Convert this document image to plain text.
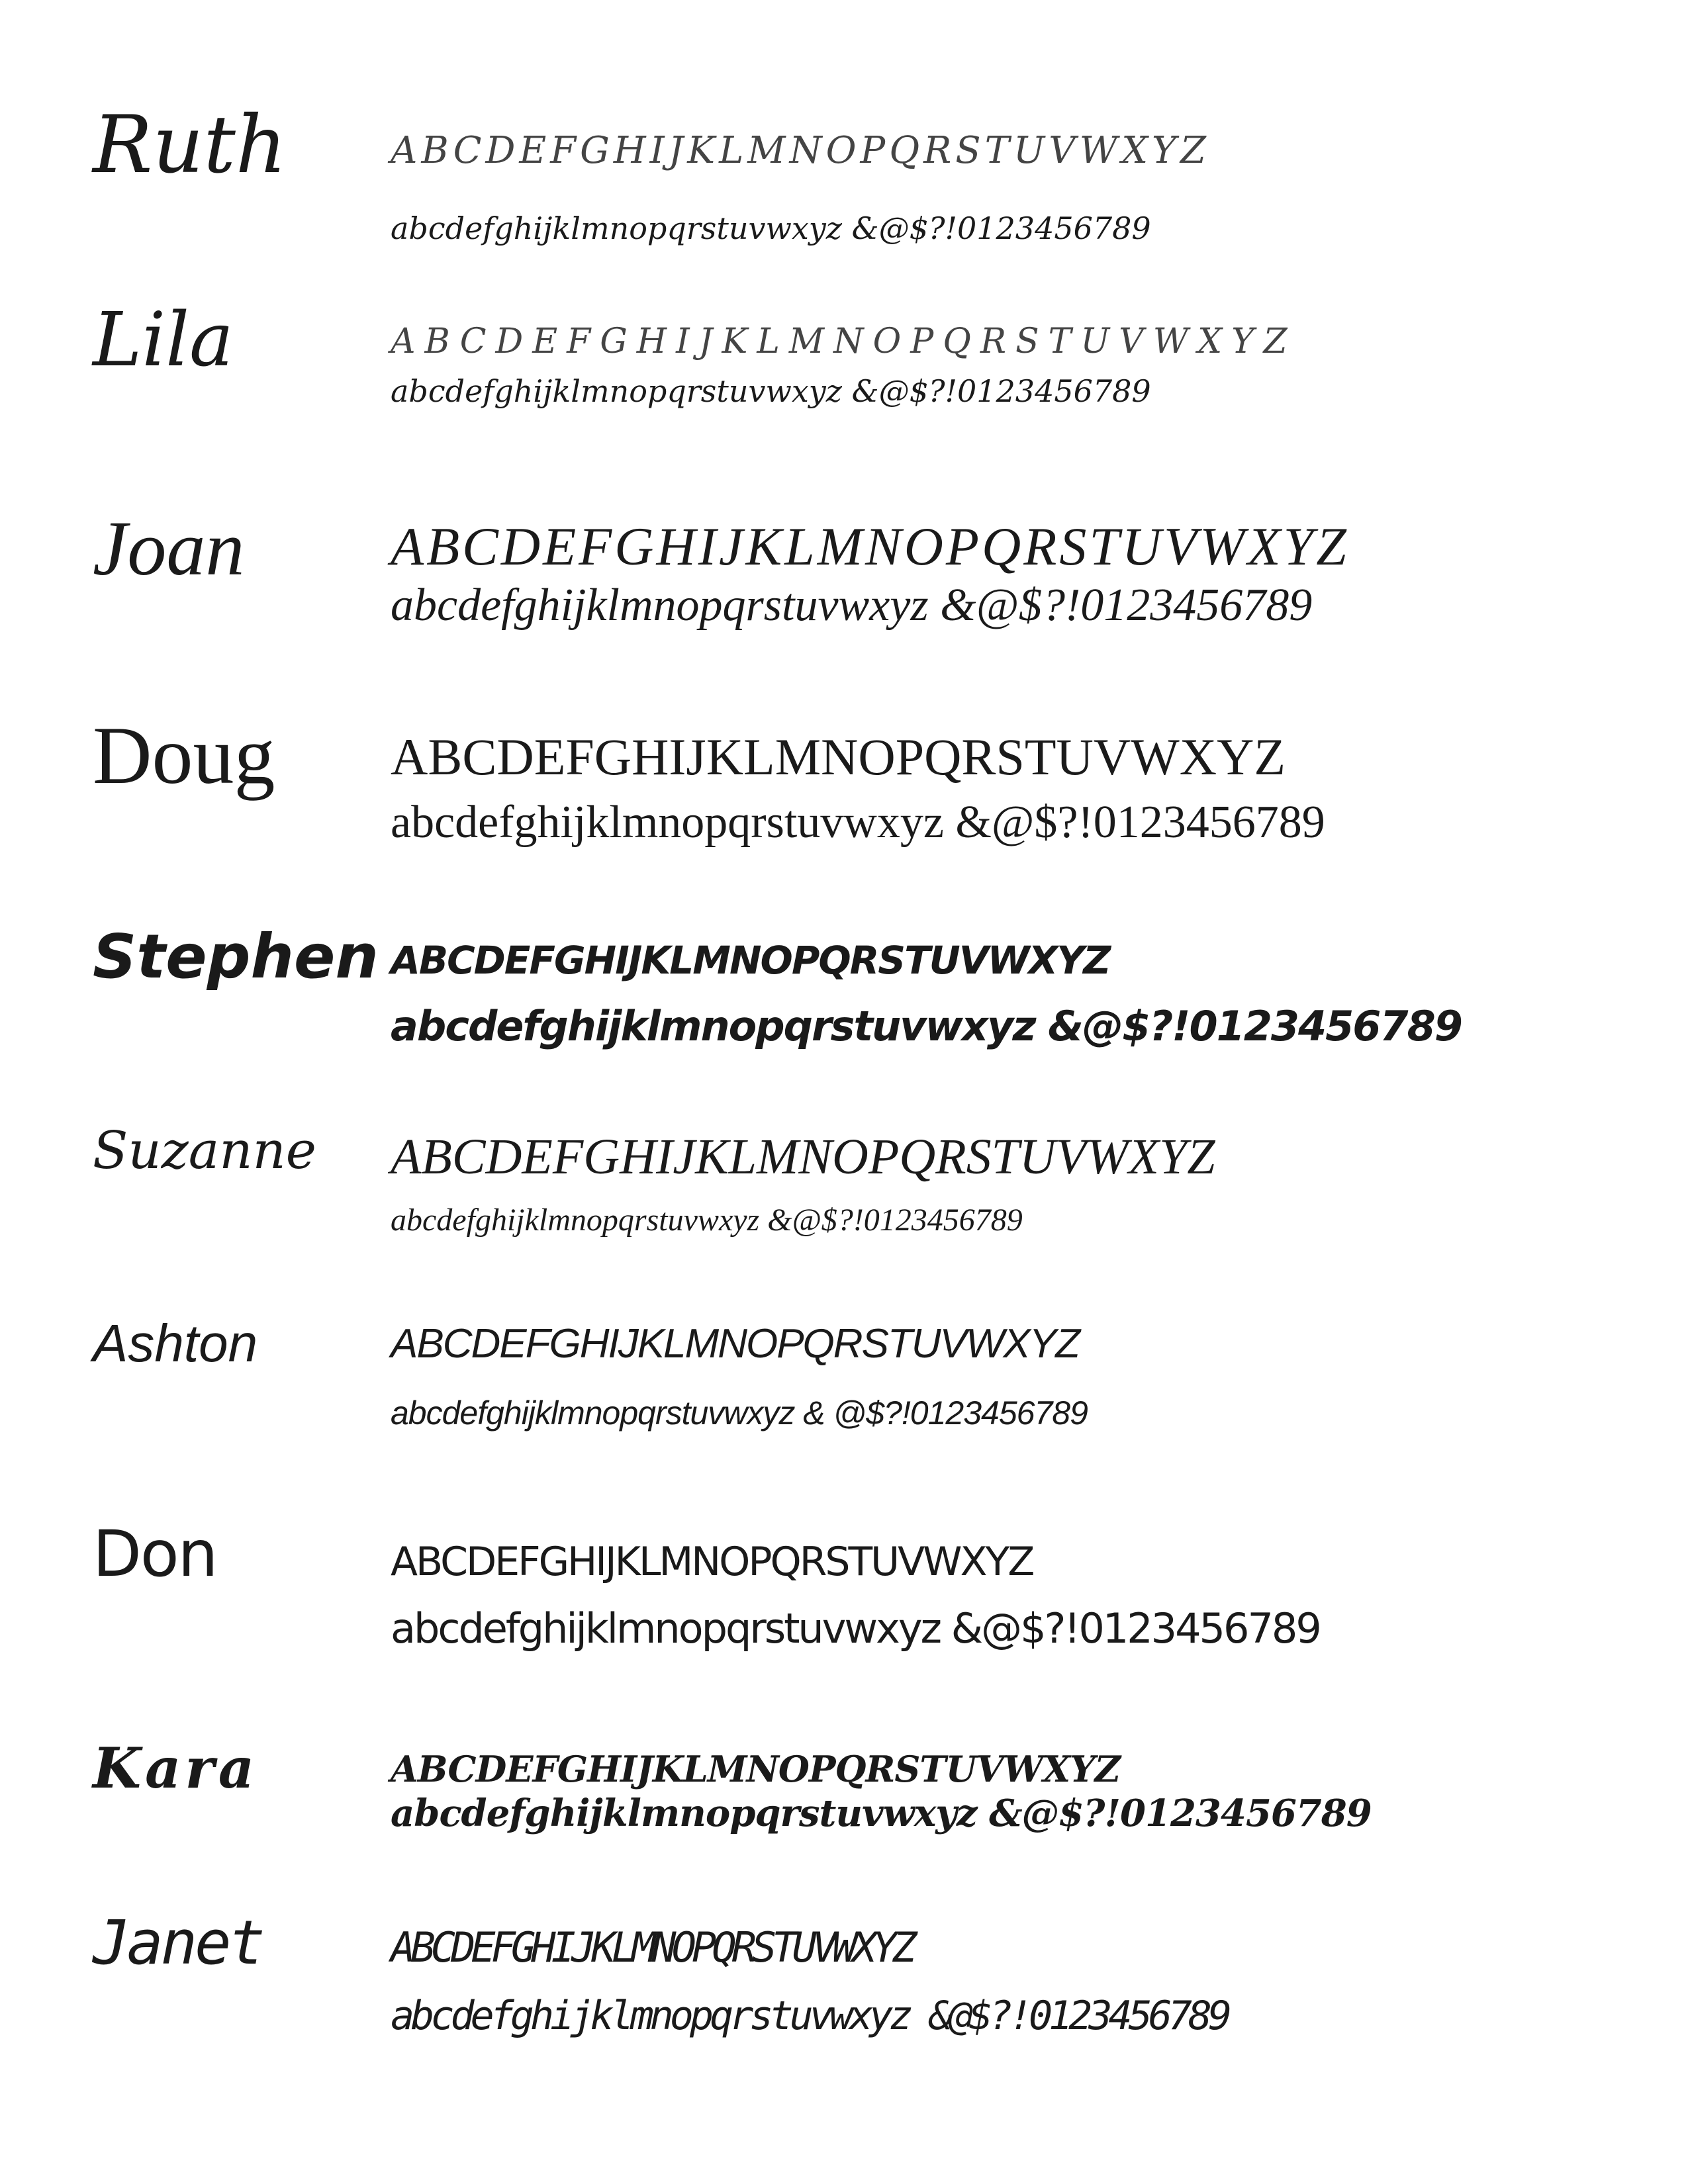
Ruth	ABCDEFGHIJKLMNOPQRSTUVWXYZ
abcdefghijklmnopqrstuvwxyz &@$?!0123456789
Lila	ABCDEFGHIJKLMNOPQRSTUVWXYZ
abcdefghijklmnopqrstuvwxyz &@$?!0123456789
Joan	ABCDEFGHIJKLMNOPQRSTUVWXYZ
abcdefghijklmnopqrstuvwxyz &@$?!0123456789
Doug ABCDEFGHIJKLMNOPQRSTUVWXYZ
abcdefghijklmnopqrstuvwxyz &@$?!0123456789
Stephen ABCDEFGHIJKLMNOPQRSTUVWXYZ
abcdefghijklmnopqrstuvwxyz &@$?!0123456789
Suzanne ABCDEFGHIJKLMNOPQRSTUVWXYZ
abcdefghijklmnopqrstuvwxyz &@$?!0123456789
Ashton	ABCDEFGHIJKLMNOPQRSTUVWXYZ
abcdefghijklmnopqrstuvwxyz & @$?!0123456789
Don	ABCDEFGHIJKLMNOPQRSTUVWXYZ
abcdefghijklmnopqrstuvwxyz &@$?!0123456789
Kara	ABCDEFGHIJKLMNOPQRSTUVWXYZ
abcdefghijklmnopqrstuvwxyz &@$?!0123456789
Janet	ABCDEFGHIJKLMNOPQRSTUVWXYZ
abcdefghijklmnopqrstuvwxyz &@$?!0123456789
